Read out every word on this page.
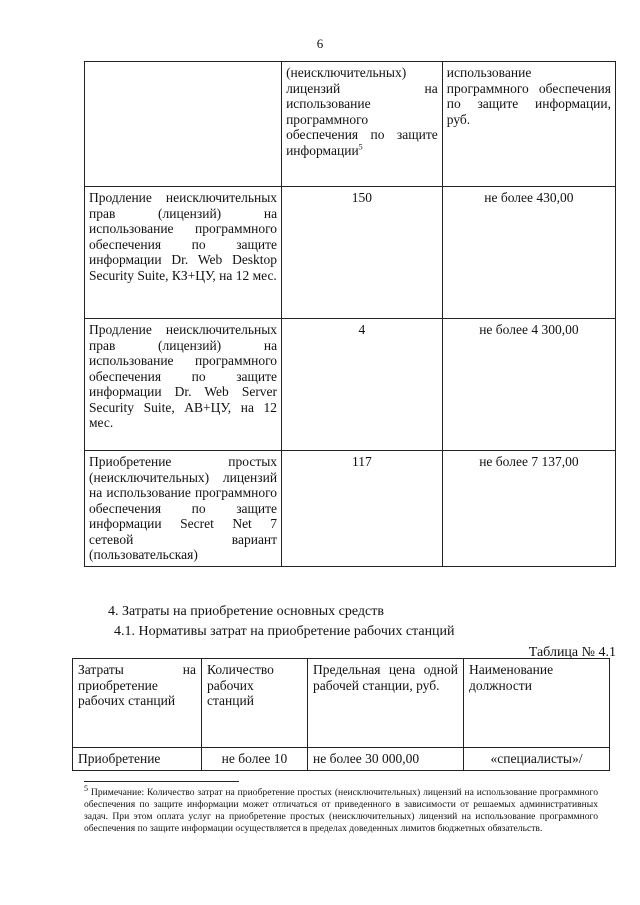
6
	(неисключительных) лицензий на использование программного обеспечения по защите информации$^5$	использование программного обеспечения по защите информации, руб.
Продление неисключительных прав (лицензий) на использование программного обеспечения по защите информации Dr. Web Desktop Security Suite, КЗ+ЦУ, на 12 мес.	150	не более 430,00
Продление неисключительных прав (лицензий) на использование программного обеспечения по защите информации Dr. Web Server Security Suite, АВ+ЦУ, на 12 мес.	4	не более 4 300,00
Приобретение простых (неисключительных) лицензий на использование программного обеспечения по защите информации Secret Net 7 сетевой вариант (пользовательская)	117	не более 7 137,00
4. Затраты на приобретение основных средств
4.1. Нормативы затрат на приобретение рабочих станций
Таблица № 4.1
Затраты на приобретение рабочих станций	Количество рабочих станций	Предельная цена одной рабочей станции, руб.	Наименование должности
Приобретение	не более 10	не более 30 000,00	«специалисты»/
$^5$ Примечание: Количество затрат на приобретение простых (неисключительных) лицензий на использование программного обеспечения по защите информации может отличаться от приведенного в зависимости от решаемых административных задач. При этом оплата услуг на приобретение простых (неисключительных) лицензий на использование программного обеспечения по защите информации осуществляется в пределах доведенных лимитов бюджетных обязательств.
